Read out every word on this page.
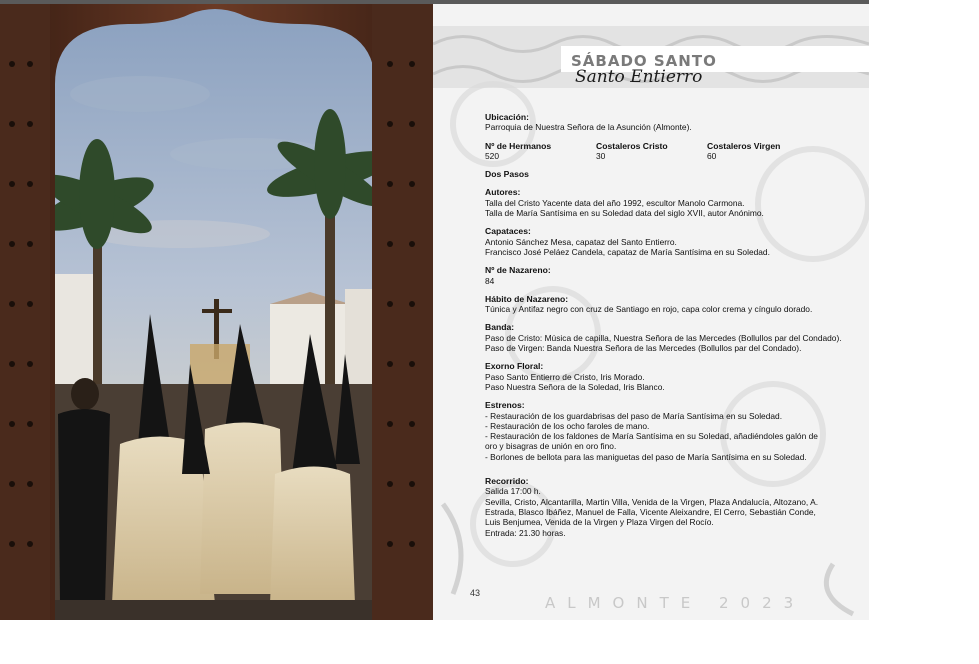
SÁBADO SANTO
Santo Entierro
Ubicación:
Parroquia de Nuestra Señora de la Asunción (Almonte).
Nº de Hermanos
520
Costaleros Cristo
30
Costaleros Virgen
60
Dos Pasos
Autores:
Talla del Cristo Yacente data del año 1992, escultor Manolo Carmona.
Talla de María Santísima en su Soledad data del siglo XVII, autor Anónimo.
Capataces:
Antonio Sánchez Mesa, capataz del Santo Entierro.
Francisco José Peláez Candela, capataz de María Santísima en su Soledad.
Nº de Nazareno:
84
Hábito de Nazareno:
Túnica y Antifaz negro con cruz de Santiago en rojo, capa color crema y cíngulo dorado.
Banda:
Paso de Cristo: Música de capilla, Nuestra Señora de las Mercedes (Bollullos par del Condado).
Paso de Virgen: Banda Nuestra Señora de las Mercedes (Bollullos par del Condado).
Exorno Floral:
Paso Santo Entierro de Cristo, Iris Morado.
Paso Nuestra Señora de la Soledad, Iris Blanco.
Estrenos:
- Restauración de los guardabrisas del paso de María Santísima en su Soledad.
- Restauración de los ocho faroles de mano.
- Restauración de los faldones de María Santísima en su Soledad, añadiéndoles galón de oro y bisagras de unión en oro fino.
- Borlones de bellota para las maniguetas del paso de María Santísima en su Soledad.
Recorrido:
Salida 17:00 h.
Sevilla, Cristo, Alcantarilla, Martin Villa, Venida de la Virgen, Plaza Andalucía, Altozano, A. Estrada, Blasco Ibáñez, Manuel de Falla, Vicente Aleixandre, El Cerro, Sebastián Conde, Luis Benjumea, Venida de la Virgen y Plaza Virgen del Rocío.
Entrada: 21.30 horas.
43
ALMONTE 2023
